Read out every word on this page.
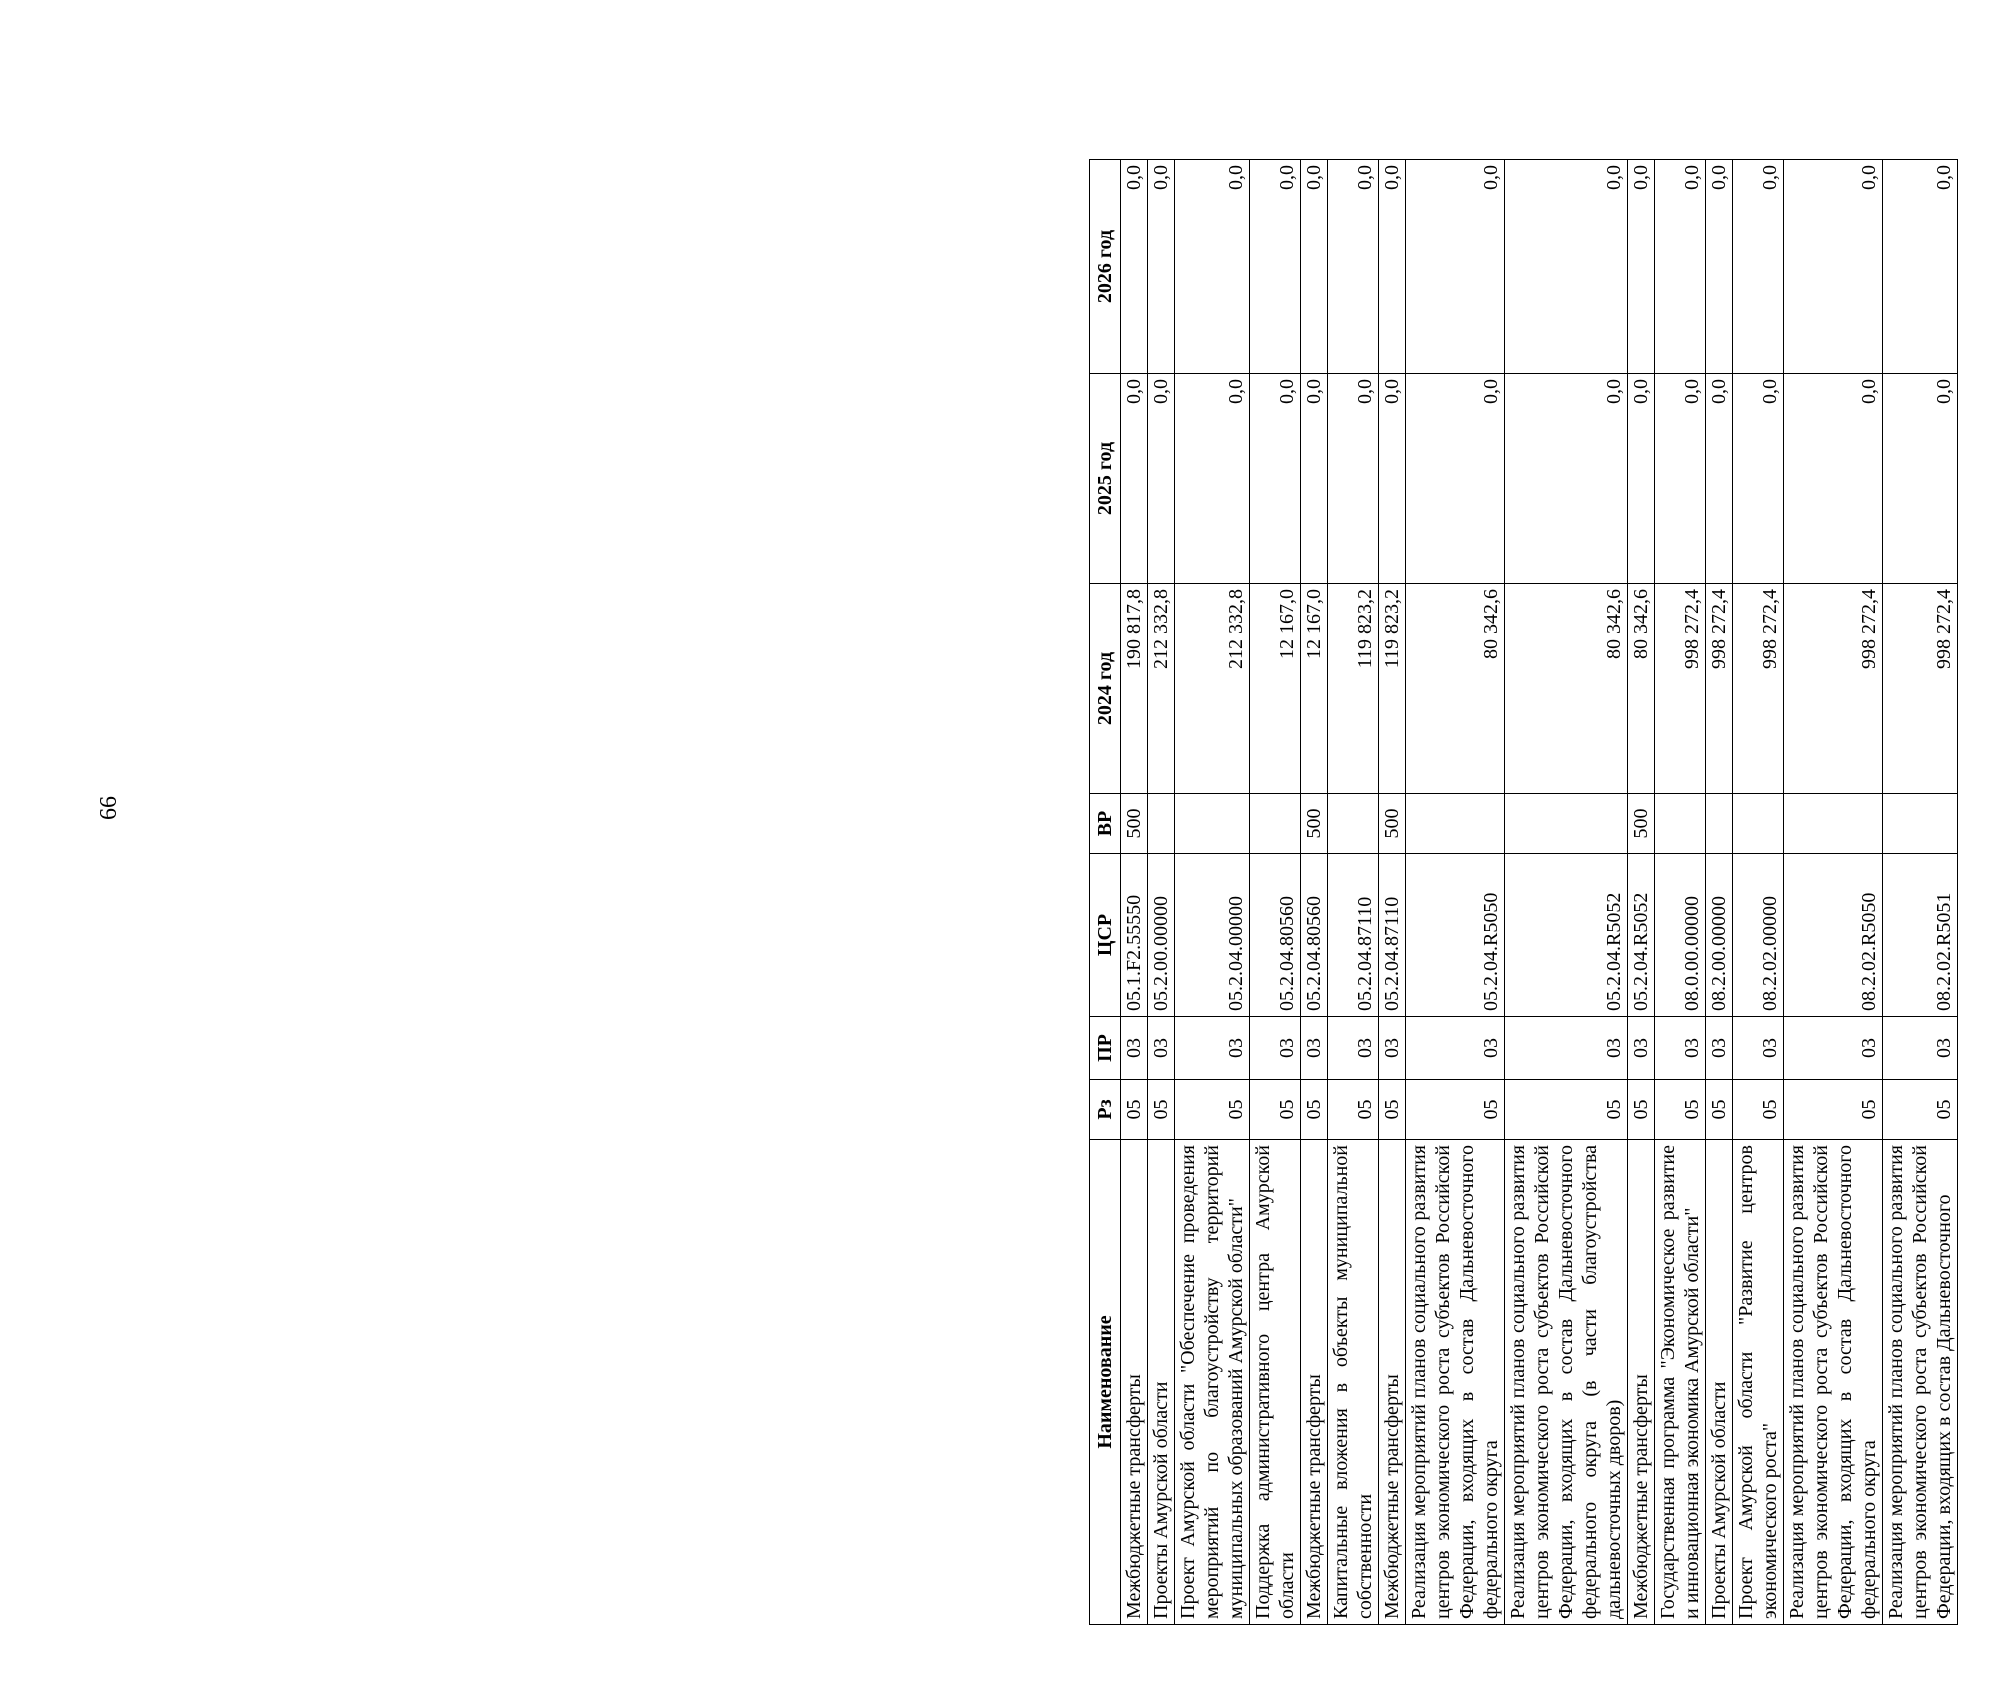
66
Наименование	Рз	ПР	ЦСР	ВР	2024 год	2025 год	2026 год
Межбюджетные трансферты	05	03	05.1.F2.55550	500	190 817,8	0,0	0,0
Проекты Амурской области	05	03	05.2.00.00000		212 332,8	0,0	0,0
Проект Амурской области "Обеспечение проведения мероприятий по благоустройству территорий муниципальных образований Амурской области"	05	03	05.2.04.00000		212 332,8	0,0	0,0
Поддержка административного центра Амурской области	05	03	05.2.04.80560		12 167,0	0,0	0,0
Межбюджетные трансферты	05	03	05.2.04.80560	500	12 167,0	0,0	0,0
Капитальные вложения в объекты муниципальной собственности	05	03	05.2.04.87110		119 823,2	0,0	0,0
Межбюджетные трансферты	05	03	05.2.04.87110	500	119 823,2	0,0	0,0
Реализация мероприятий планов социального развития центров экономического роста субъектов Российской Федерации, входящих в состав Дальневосточного федерального округа	05	03	05.2.04.R5050		80 342,6	0,0	0,0
Реализация мероприятий планов социального развития центров экономического роста субъектов Российской Федерации, входящих в состав Дальневосточного федерального округа (в части благоустройства дальневосточных дворов)	05	03	05.2.04.R5052		80 342,6	0,0	0,0
Межбюджетные трансферты	05	03	05.2.04.R5052	500	80 342,6	0,0	0,0
Государственная программа "Экономическое развитие и инновационная экономика Амурской области"	05	03	08.0.00.00000		998 272,4	0,0	0,0
Проекты Амурской области	05	03	08.2.00.00000		998 272,4	0,0	0,0
Проект Амурской области "Развитие центров экономического роста"	05	03	08.2.02.00000		998 272,4	0,0	0,0
Реализация мероприятий планов социального развития центров экономического роста субъектов Российской Федерации, входящих в состав Дальневосточного федерального округа	05	03	08.2.02.R5050		998 272,4	0,0	0,0
Реализация мероприятий планов социального развития центров экономического роста субъектов Российской Федерации, входящих в состав Дальневосточного	05	03	08.2.02.R5051		998 272,4	0,0	0,0
